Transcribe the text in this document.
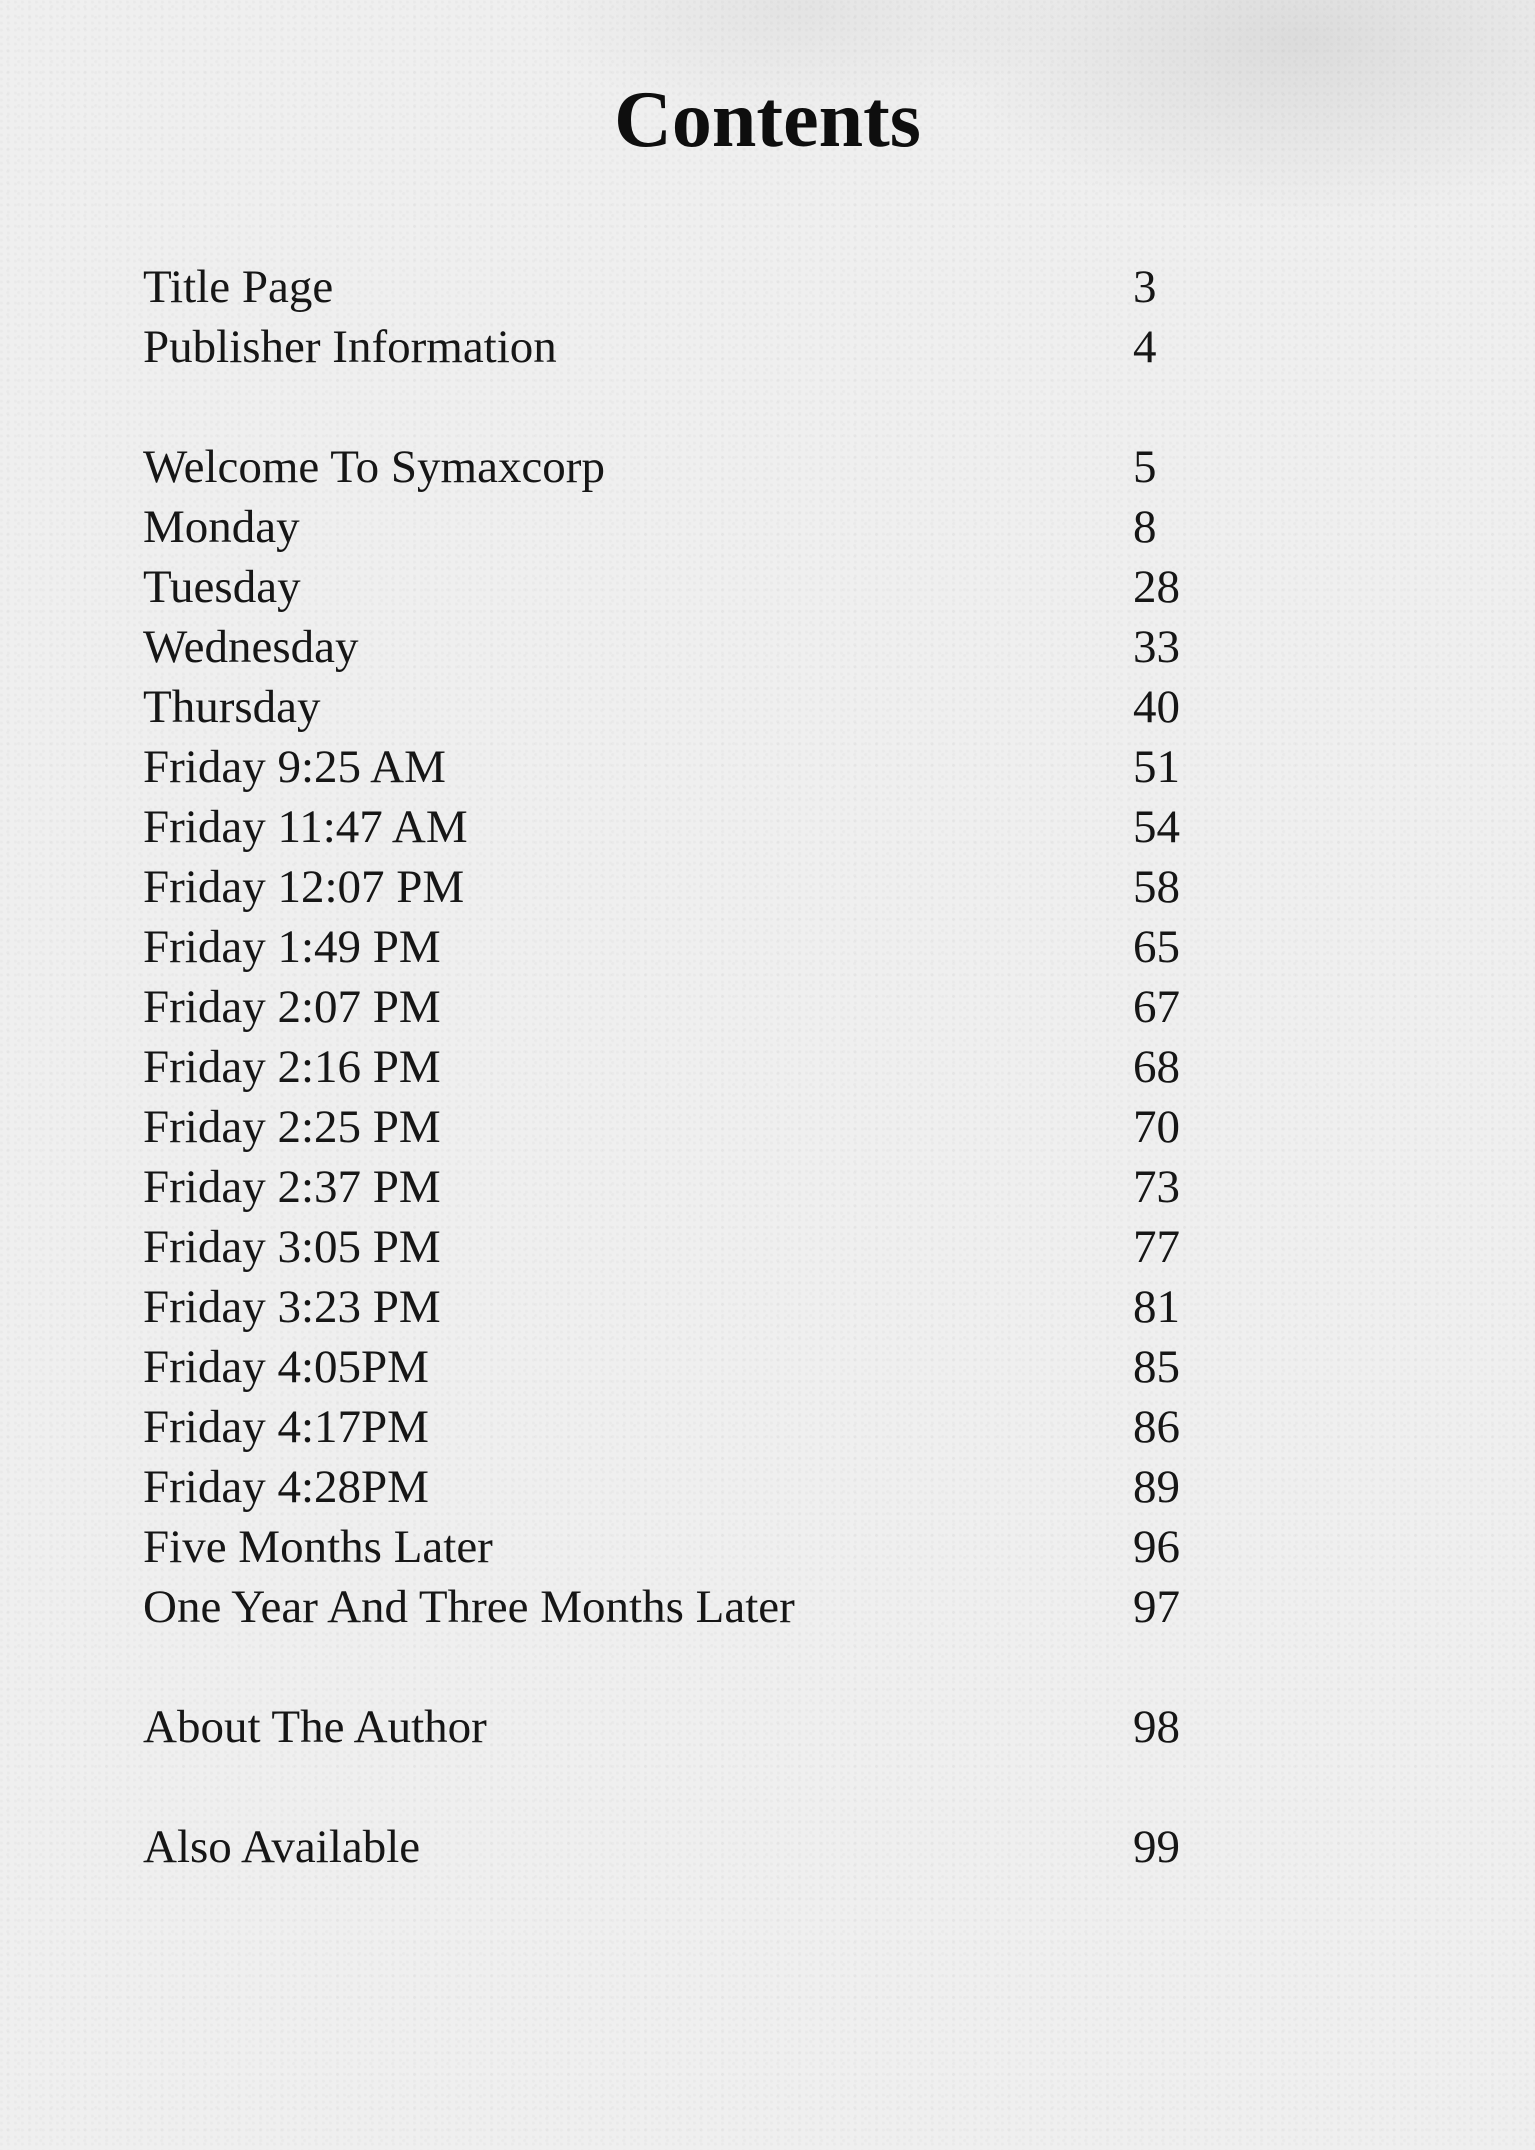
Contents
Title Page	3
Publisher Information	4
Welcome To Symaxcorp	5
Monday	8
Tuesday	28
Wednesday	33
Thursday	40
Friday 9:25 AM	51
Friday 11:47 AM	54
Friday 12:07 PM	58
Friday 1:49 PM	65
Friday 2:07 PM	67
Friday 2:16 PM	68
Friday 2:25 PM	70
Friday 2:37 PM	73
Friday 3:05 PM	77
Friday 3:23 PM	81
Friday 4:05PM	85
Friday 4:17PM	86
Friday 4:28PM	89
Five Months Later	96
One Year And Three Months Later	97
About The Author	98
Also Available	99
